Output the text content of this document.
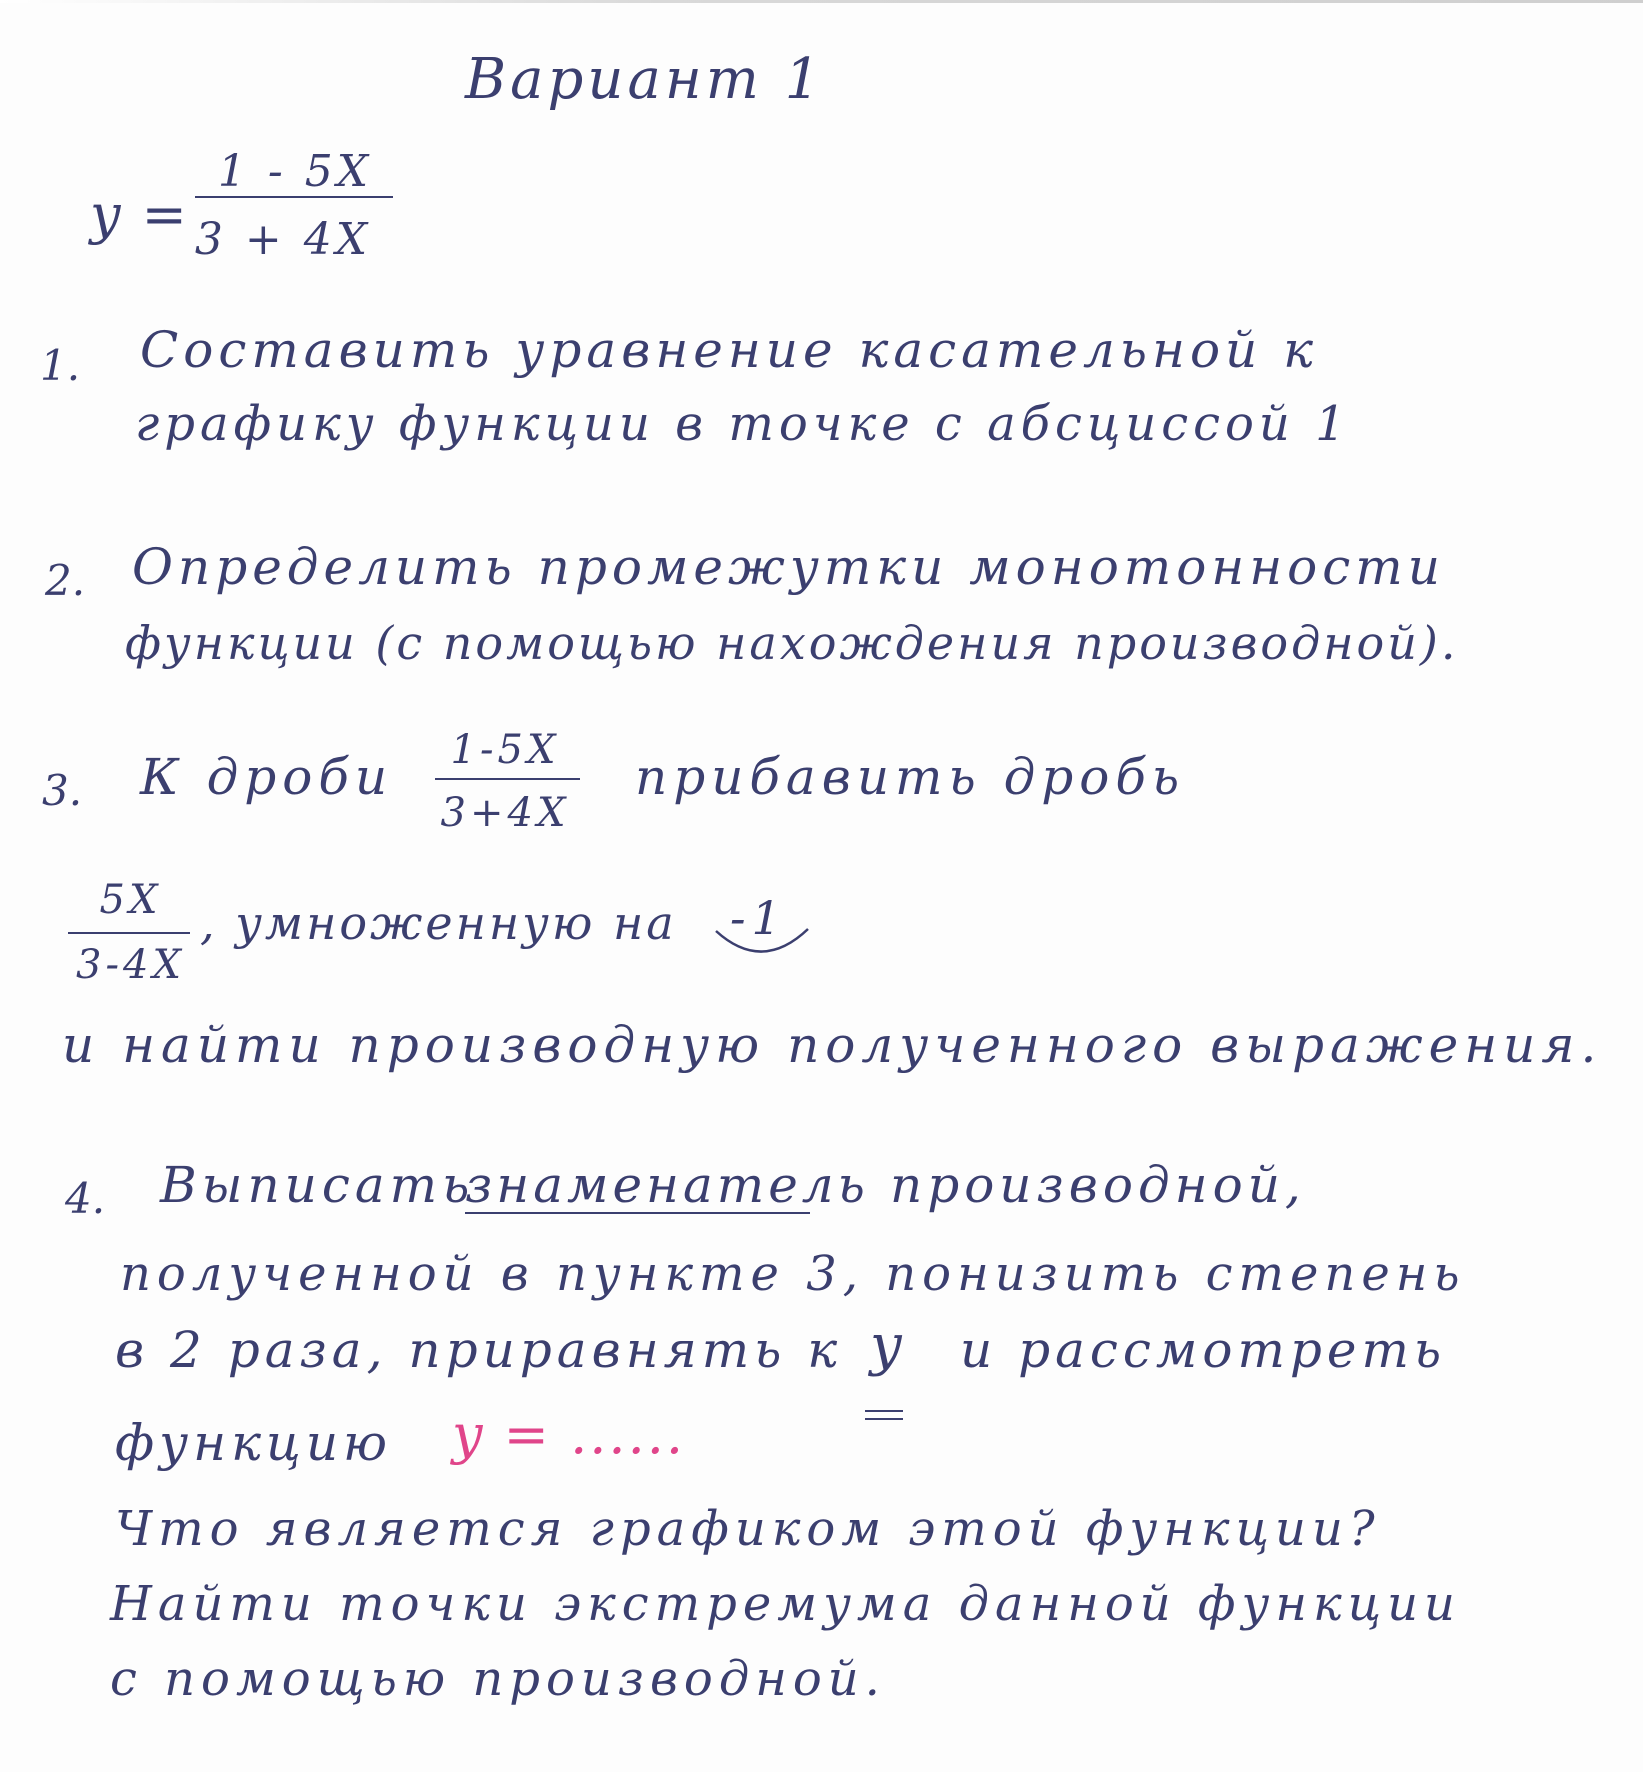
Вариант 1
y =
1 - 5X
3 + 4X
1. Составить уравнение касательной к
графику функции в точке с абсциссой 1
2. Определить промежутки монотонности
функции (с помощью нахождения производной).
3. К дроби	1-5X
3+4X
прибавить дробь
5X
3-4X
, умноженную на -1
и найти производную полученного выражения.
4. Выписать
знаменатель производной,
полученной в пункте 3, понизить степень
в 2 раза, приравнять к y и рассмотреть
функцию y = ......
Что является графиком этой функции?
Найти точки экстремума данной функции
с помощью производной.
